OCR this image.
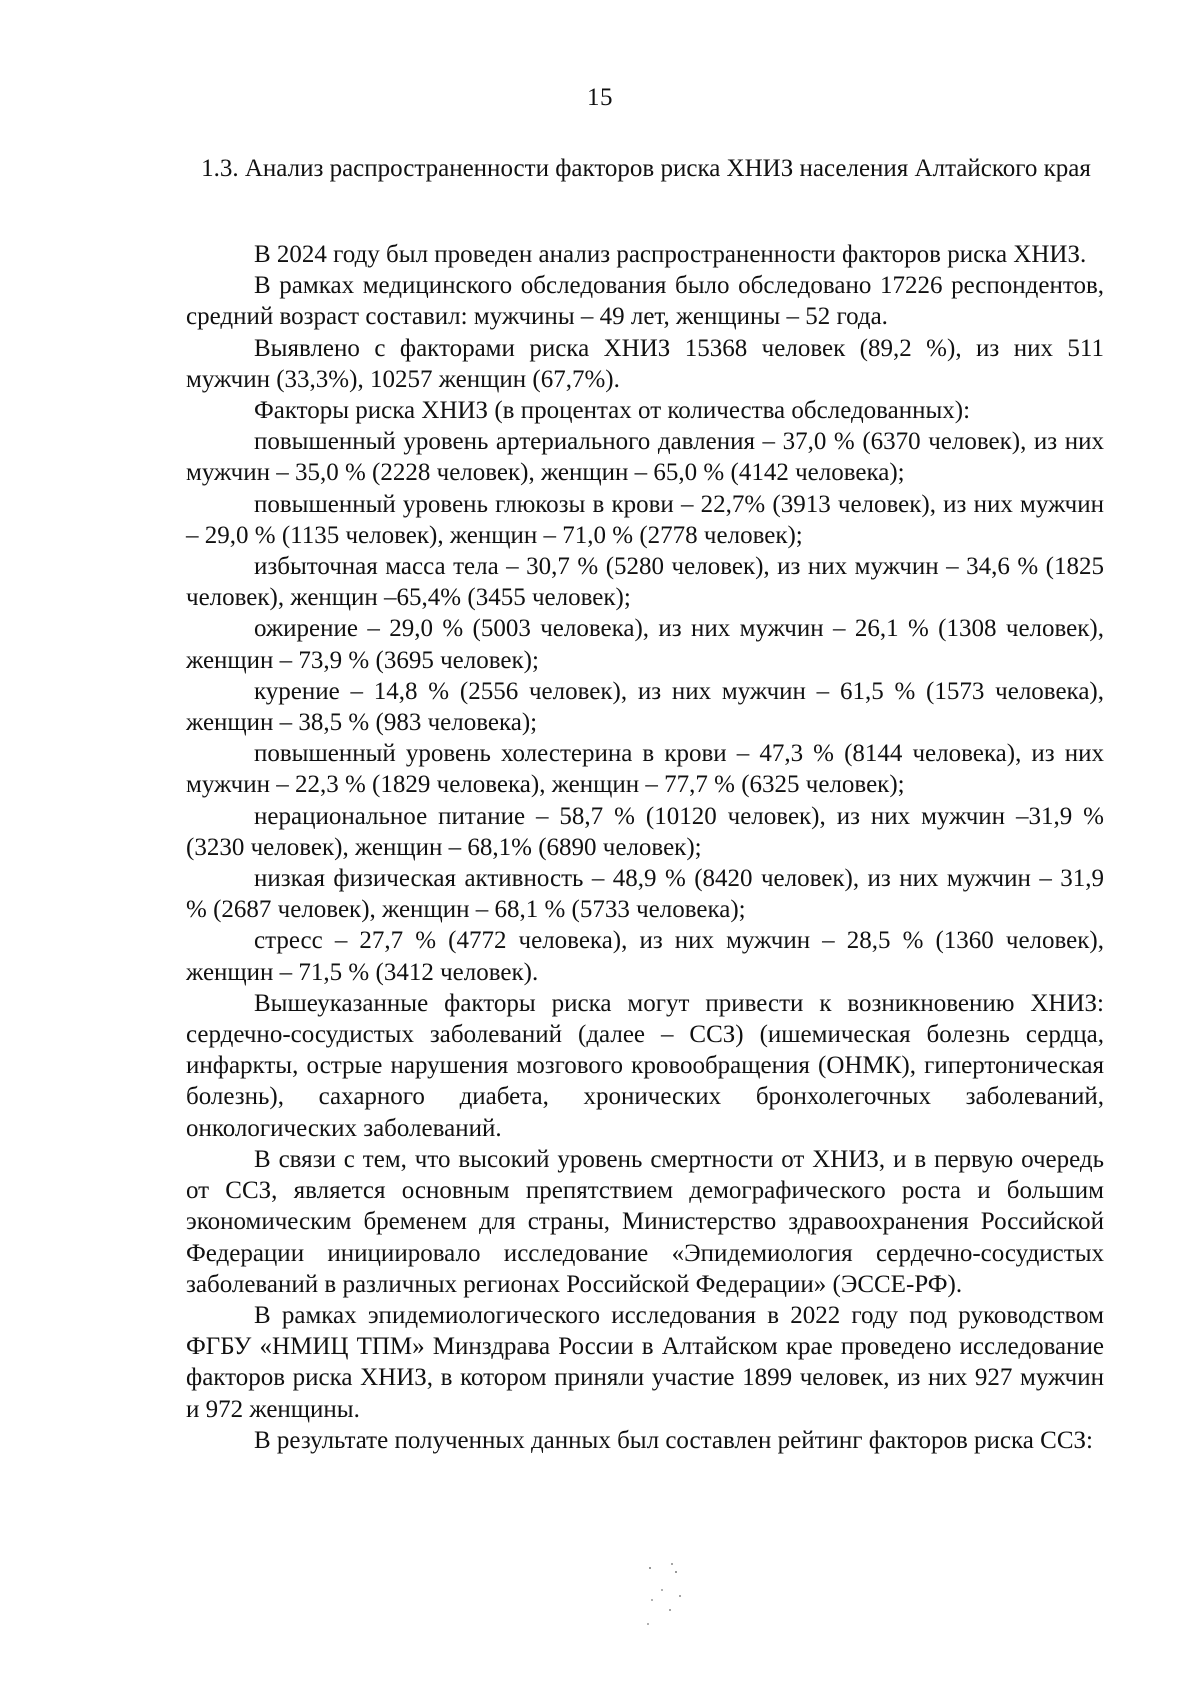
15
1.3. Анализ распространенности факторов риска ХНИЗ населения Алтайского края

В 2024 году был проведен анализ распространенности факторов риска ХНИЗ.

В рамках медицинского обследования было обследовано 17226 респондентов, средний возраст составил: мужчины – 49 лет, женщины – 52 года.

Выявлено с факторами риска ХНИЗ 15368 человек (89,2 %), из них 511 мужчин (33,3%), 10257 женщин (67,7%).

Факторы риска ХНИЗ (в процентах от количества обследованных):

повышенный уровень артериального давления – 37,0 % (6370 человек), из них мужчин – 35,0 % (2228 человек), женщин – 65,0 % (4142 человека);

повышенный уровень глюкозы в крови – 22,7% (3913 человек), из них мужчин – 29,0 % (1135 человек), женщин – 71,0 % (2778 человек);

избыточная масса тела – 30,7 % (5280 человек), из них мужчин – 34,6 % (1825 человек), женщин –65,4% (3455 человек);

ожирение – 29,0 % (5003 человека), из них мужчин – 26,1 % (1308 человек), женщин – 73,9 % (3695 человек);

курение – 14,8 % (2556 человек), из них мужчин – 61,5 % (1573 человека), женщин – 38,5 % (983 человека);

повышенный уровень холестерина в крови – 47,3 % (8144 человека), из них мужчин – 22,3 % (1829 человека), женщин – 77,7 % (6325 человек);

нерациональное питание – 58,7 % (10120 человек), из них мужчин –31,9 % (3230 человек), женщин – 68,1% (6890 человек);

низкая физическая активность – 48,9 % (8420 человек), из них мужчин – 31,9 % (2687 человек), женщин – 68,1 % (5733 человека);

стресс – 27,7 % (4772 человека), из них мужчин – 28,5 % (1360 человек), женщин – 71,5 % (3412 человек).

Вышеуказанные факторы риска могут привести к возникновению ХНИЗ: сердечно-сосудистых заболеваний (далее – ССЗ) (ишемическая болезнь сердца, инфаркты, острые нарушения мозгового кровообращения (ОНМК), гипертоническая болезнь), сахарного диабета, хронических бронхолегочных заболеваний, онкологических заболеваний.

В связи с тем, что высокий уровень смертности от ХНИЗ, и в первую очередь от ССЗ, является основным препятствием демографического роста и большим экономическим бременем для страны, Министерство здравоохранения Российской Федерации инициировало исследование «Эпидемиология сердечно-сосудистых заболеваний в различных регионах Российской Федерации» (ЭССЕ-РФ).

В рамках эпидемиологического исследования в 2022 году под руководством ФГБУ «НМИЦ ТПМ» Минздрава России в Алтайском крае проведено исследование факторов риска ХНИЗ, в котором приняли участие 1899 человек, из них 927 мужчин и 972 женщины.

В результате полученных данных был составлен рейтинг факторов риска ССЗ:
